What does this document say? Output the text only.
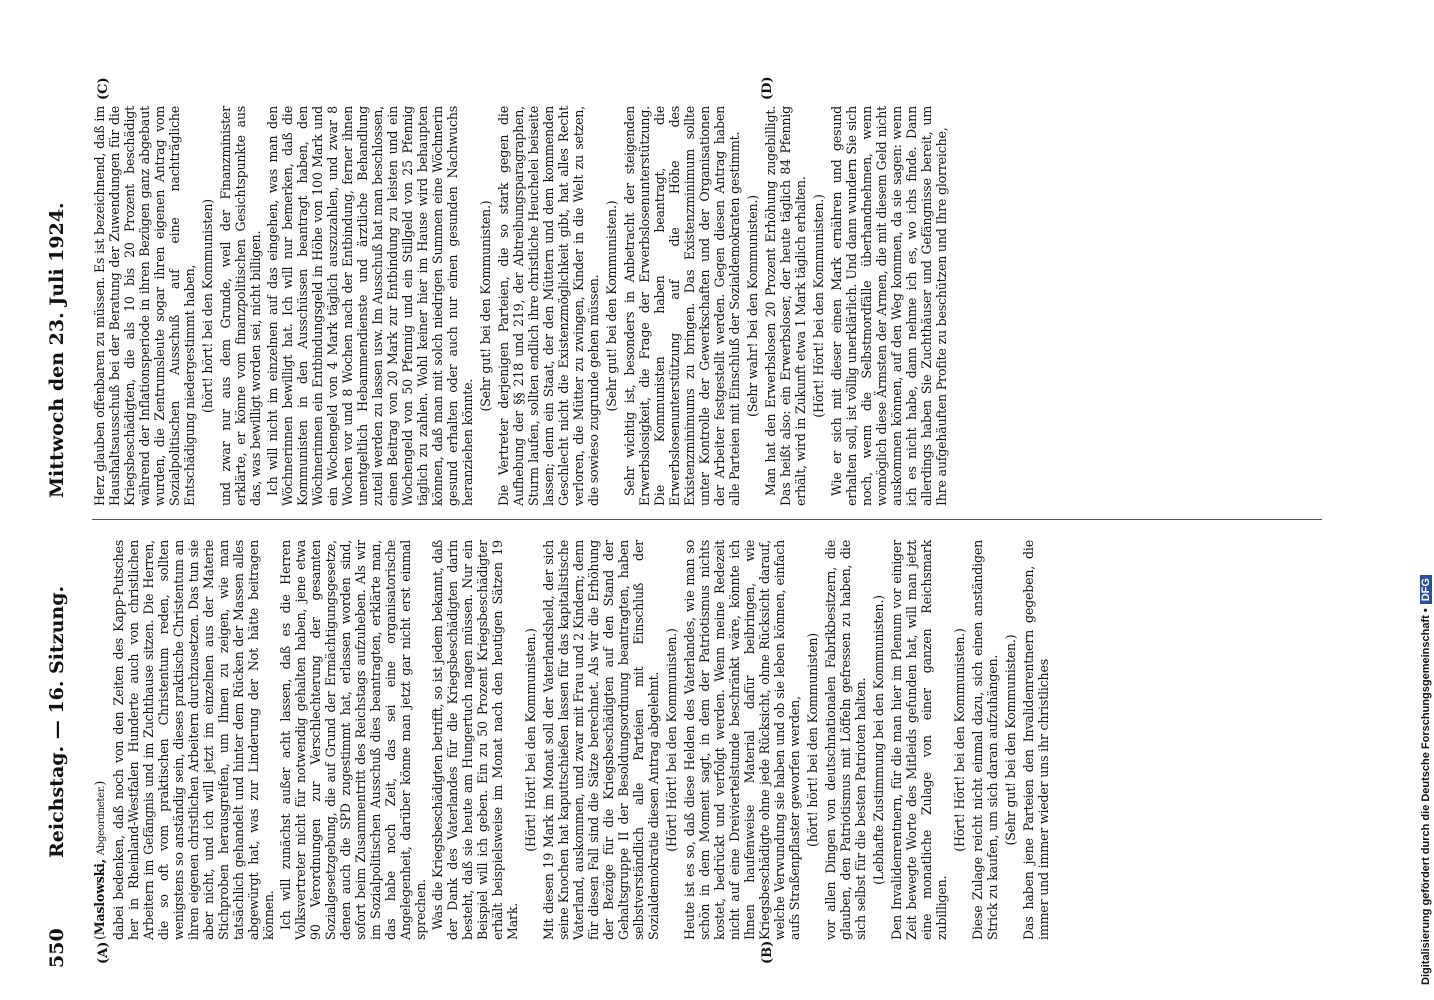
550
Reichstag. — 16. Sitzung.
Mittwoch den 23. Juli 1924.
(A)	(B)
(C)	(D)

(Maslowski, Abgeordneter.) dabei bedenken, daß noch von den Zeiten des Kapp-Putsches her in Rheinland-Westfalen Hunderte auch von christlichen Arbeitern im Gefängnis und im Zuchthause sitzen. Die Herren, die so oft vom praktischen Christentum reden, sollten wenigstens so anständig sein, dieses praktische Christentum an ihren eigenen christlichen Arbeitern durchzusetzen. Das tun sie aber nicht, und ich will jetzt im einzelnen aus der Materie Stichproben herausgreifen, um Ihnen zu zeigen, wie man tatsächlich gehandelt und hinter dem Rücken der Massen alles abgewürgt hat, was zur Linderung der Not hätte beitragen können. Ich will zunächst außer acht lassen, daß es die Herren Volksvertreter nicht für notwendig gehalten haben, jene etwa 90 Verordnungen zur Verschlechterung der gesamten Sozialgesetzgebung, die auf Grund der Ermächtigungsgesetze, denen auch die SPD zugestimmt hat, erlassen worden sind, sofort beim Zusammentritt des Reichstags aufzuheben. Als wir im Sozialpolitischen Ausschuß dies beantragten, erklärte man, das habe noch Zeit, das sei eine organisatorische Angelegenheit, darüber könne man jetzt gar nicht erst einmal sprechen. Was die Kriegsbeschädigten betrifft, so ist jedem bekannt, daß der Dank des Vaterlandes für die Kriegsbeschädigten darin besteht, daß sie heute am Hungertuch nagen müssen. Nur ein Beispiel will ich geben. Ein zu 50 Prozent Kriegsbeschädigter erhält beispielsweise im Monat nach den heutigen Sätzen 19 Mark.

(Hört! Hört! bei den Kommunisten.) Mit diesen 19 Mark im Monat soll der Vaterlandsheld, der sich seine Knochen hat kaputtschießen lassen für das kapitalistische Vaterland, auskommen, und zwar mit Frau und 2 Kindern; denn für diesen Fall sind die Sätze berechnet. Als wir die Erhöhung der Bezüge für die Kriegsbeschädigten auf den Stand der Gehaltsgruppe II der Besoldungsordnung beantragten, haben selbstverständlich alle Parteien mit Einschluß der Sozialdemokratie diesen Antrag abgelehnt. (Hört! Hört! bei den Kommunisten.) Heute ist es so, daß diese Helden des Vaterlandes, wie man so schön in dem Moment sagt, in dem der Patriotismus nichts kostet, bedrückt und verfolgt werden. Wenn meine Redezeit nicht auf eine Dreiviertelstunde beschränkt wäre, könnte ich Ihnen haufenweise Material dafür beibringen, wie Kriegsbeschädigte ohne jede Rücksicht, ohne Rücksicht darauf, welche Verwundung sie haben und ob sie leben können, einfach aufs Straßenpflaster geworfen werden, (hört! hört! bei den Kommunisten) vor allen Dingen von deutschnationalen Fabrikbesitzern, die glauben, den Patriotismus mit Löffeln gefressen zu haben, die sich selbst für die besten Patrioten halten. (Lebhafte Zustimmung bei den Kommunisten.) Den Invalidenrentnern, für die man hier im Plenum vor einiger Zeit bewegte Worte des Mitleids gefunden hat, will man jetzt eine monatliche Zulage von einer ganzen Reichsmark zubilligen.

(Hört! Hört! bei den Kommunisten.) Diese Zulage reicht nicht einmal dazu, sich einen anständigen Strick zu kaufen, um sich daran aufzuhängen. (Sehr gut! bei den Kommunisten.) Das haben jene Parteien den Invalidenrentnern gegeben, die immer und immer wieder uns ihr christliches

Herz glauben offenbaren zu müssen. Es ist bezeichnend, daß im Haushaltsausschuß bei der Beratung der Zuwendungen für die Kriegsbeschädigten, die als 10 bis 20 Prozent beschädigt während der Inflationsperiode in ihren Bezügen ganz abgebaut wurden, die Zentrumsleute sogar ihren eigenen Antrag vom Sozialpolitischen Ausschuß auf eine nachträgliche Entschädigung niedergestimmt haben, (hört! hört! bei den Kommunisten) und zwar nur aus dem Grunde, weil der Finanzminister erklärte, er könne vom finanzpolitischen Gesichtspunkte aus das, was bewilligt worden sei, nicht billigen. Ich will nicht im einzelnen auf das eingehen, was man den Wöchnerinnen bewilligt hat. Ich will nur bemerken, daß die Kommunisten in den Ausschüssen beantragt haben, den Wöchnerinnen ein Entbindungsgeld in Höhe von 100 Mark und ein Wochengeld von 4 Mark täglich auszuzahlen, und zwar 8 Wochen vor und 8 Wochen nach der Entbindung, ferner ihnen unentgeltlich Hebammendienste und ärztliche Behandlung zuteil werden zu lassen usw. Im Ausschuß hat man beschlossen, einen Beitrag von 20 Mark zur Entbindung zu leisten und ein Wochengeld von 50 Pfennig und ein Stillgeld von 25 Pfennig täglich zu zahlen. Wohl keiner hier im Hause wird behaupten können, daß man mit solch niedrigen Summen eine Wöchnerin gesund erhalten oder auch nur einen gesunden Nachwuchs heranziehen könnte.

(Sehr gut! bei den Kommunisten.) Die Vertreter derjenigen Parteien, die so stark gegen die Aufhebung der §§ 218 und 219, der Abtreibungsparagraphen, Sturm laufen, sollten endlich ihre christliche Heuchelei beiseite lassen; denn ein Staat, der den Müttern und dem kommenden Geschlecht nicht die Existenzmöglichkeit gibt, hat alles Recht verloren, die Mütter zu zwingen, Kinder in die Welt zu setzen, die sowieso zugrunde gehen müssen. (Sehr gut! bei den Kommunisten.) Sehr wichtig ist, besonders in Anbetracht der steigenden Erwerbslosigkeit, die Frage der Erwerbslosenunterstützung. Die Kommunisten haben beantragt, die Erwerbslosenunterstützung auf die Höhe des Existenzminimums zu bringen. Das Existenzminimum sollte unter Kontrolle der Gewerkschaften und der Organisationen der Arbeiter festgestellt werden. Gegen diesen Antrag haben alle Parteien mit Einschluß der Sozialdemokraten gestimmt. (Sehr wahr! bei den Kommunisten.) Man hat den Erwerbslosen 20 Prozent Erhöhung zugebilligt. Das heißt also: ein Erwerbsloser, der heute täglich 84 Pfennig erhält, wird in Zukunft etwa 1 Mark täglich erhalten. (Hört! Hört! bei den Kommunisten.) Wie er sich mit dieser einen Mark ernähren und gesund erhalten soll, ist völlig unerklärlich. Und dann wundern Sie sich noch, wenn die Selbstmordfälle überhandnehmen, wenn womöglich diese Ärmsten der Armen, die mit diesem Geld nicht auskommen können, auf den Weg kommen, da sie sagen: wenn ich es nicht habe, dann nehme ich es, wo ichs finde. Dann allerdings haben Sie Zuchthäuser und Gefängnisse bereit, um Ihre aufgehäuften Profite zu beschützen und Ihre glorreiche,

Digitalisierung gefördert durch die Deutsche Forschungsgemeinschaft •DFG
